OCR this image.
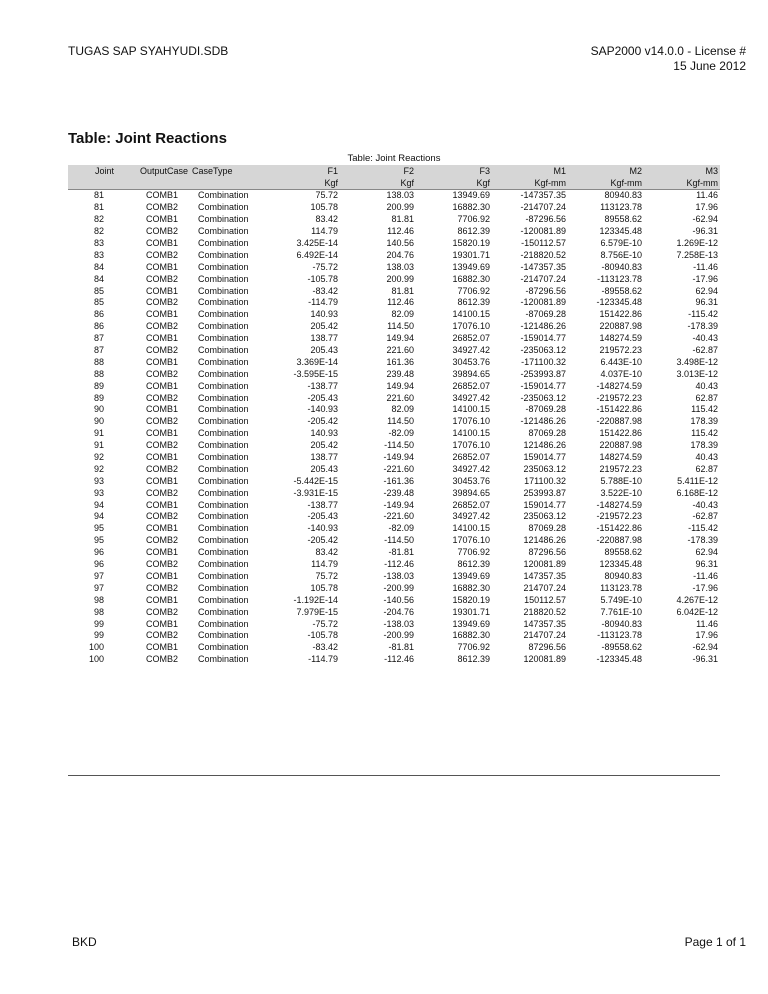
TUGAS SAP SYAHYUDI.SDB	SAP2000 v14.0.0 - License #
15 June 2012
Table: Joint Reactions
Table: Joint Reactions
Joint	OutputCase	CaseType	F1	F2	F3	M1	M2	M3
			Kgf	Kgf	Kgf	Kgf-mm	Kgf-mm	Kgf-mm
81	COMB1	Combination	75.72	138.03	13949.69	-147357.35	80940.83	11.46
81	COMB2	Combination	105.78	200.99	16882.30	-214707.24	113123.78	17.96
82	COMB1	Combination	83.42	81.81	7706.92	-87296.56	89558.62	-62.94
82	COMB2	Combination	114.79	112.46	8612.39	-120081.89	123345.48	-96.31
83	COMB1	Combination	3.425E-14	140.56	15820.19	-150112.57	6.579E-10	1.269E-12
83	COMB2	Combination	6.492E-14	204.76	19301.71	-218820.52	8.756E-10	7.258E-13
84	COMB1	Combination	-75.72	138.03	13949.69	-147357.35	-80940.83	-11.46
84	COMB2	Combination	-105.78	200.99	16882.30	-214707.24	-113123.78	-17.96
85	COMB1	Combination	-83.42	81.81	7706.92	-87296.56	-89558.62	62.94
85	COMB2	Combination	-114.79	112.46	8612.39	-120081.89	-123345.48	96.31
86	COMB1	Combination	140.93	82.09	14100.15	-87069.28	151422.86	-115.42
86	COMB2	Combination	205.42	114.50	17076.10	-121486.26	220887.98	-178.39
87	COMB1	Combination	138.77	149.94	26852.07	-159014.77	148274.59	-40.43
87	COMB2	Combination	205.43	221.60	34927.42	-235063.12	219572.23	-62.87
88	COMB1	Combination	3.369E-14	161.36	30453.76	-171100.32	6.443E-10	3.498E-12
88	COMB2	Combination	-3.595E-15	239.48	39894.65	-253993.87	4.037E-10	3.013E-12
89	COMB1	Combination	-138.77	149.94	26852.07	-159014.77	-148274.59	40.43
89	COMB2	Combination	-205.43	221.60	34927.42	-235063.12	-219572.23	62.87
90	COMB1	Combination	-140.93	82.09	14100.15	-87069.28	-151422.86	115.42
90	COMB2	Combination	-205.42	114.50	17076.10	-121486.26	-220887.98	178.39
91	COMB1	Combination	140.93	-82.09	14100.15	87069.28	151422.86	115.42
91	COMB2	Combination	205.42	-114.50	17076.10	121486.26	220887.98	178.39
92	COMB1	Combination	138.77	-149.94	26852.07	159014.77	148274.59	40.43
92	COMB2	Combination	205.43	-221.60	34927.42	235063.12	219572.23	62.87
93	COMB1	Combination	-5.442E-15	-161.36	30453.76	171100.32	5.788E-10	5.411E-12
93	COMB2	Combination	-3.931E-15	-239.48	39894.65	253993.87	3.522E-10	6.168E-12
94	COMB1	Combination	-138.77	-149.94	26852.07	159014.77	-148274.59	-40.43
94	COMB2	Combination	-205.43	-221.60	34927.42	235063.12	-219572.23	-62.87
95	COMB1	Combination	-140.93	-82.09	14100.15	87069.28	-151422.86	-115.42
95	COMB2	Combination	-205.42	-114.50	17076.10	121486.26	-220887.98	-178.39
96	COMB1	Combination	83.42	-81.81	7706.92	87296.56	89558.62	62.94
96	COMB2	Combination	114.79	-112.46	8612.39	120081.89	123345.48	96.31
97	COMB1	Combination	75.72	-138.03	13949.69	147357.35	80940.83	-11.46
97	COMB2	Combination	105.78	-200.99	16882.30	214707.24	113123.78	-17.96
98	COMB1	Combination	-1.192E-14	-140.56	15820.19	150112.57	5.749E-10	4.267E-12
98	COMB2	Combination	7.979E-15	-204.76	19301.71	218820.52	7.761E-10	6.042E-12
99	COMB1	Combination	-75.72	-138.03	13949.69	147357.35	-80940.83	11.46
99	COMB2	Combination	-105.78	-200.99	16882.30	214707.24	-113123.78	17.96
100	COMB1	Combination	-83.42	-81.81	7706.92	87296.56	-89558.62	-62.94
100	COMB2	Combination	-114.79	-112.46	8612.39	120081.89	-123345.48	-96.31
BKD	Page 1 of 1
